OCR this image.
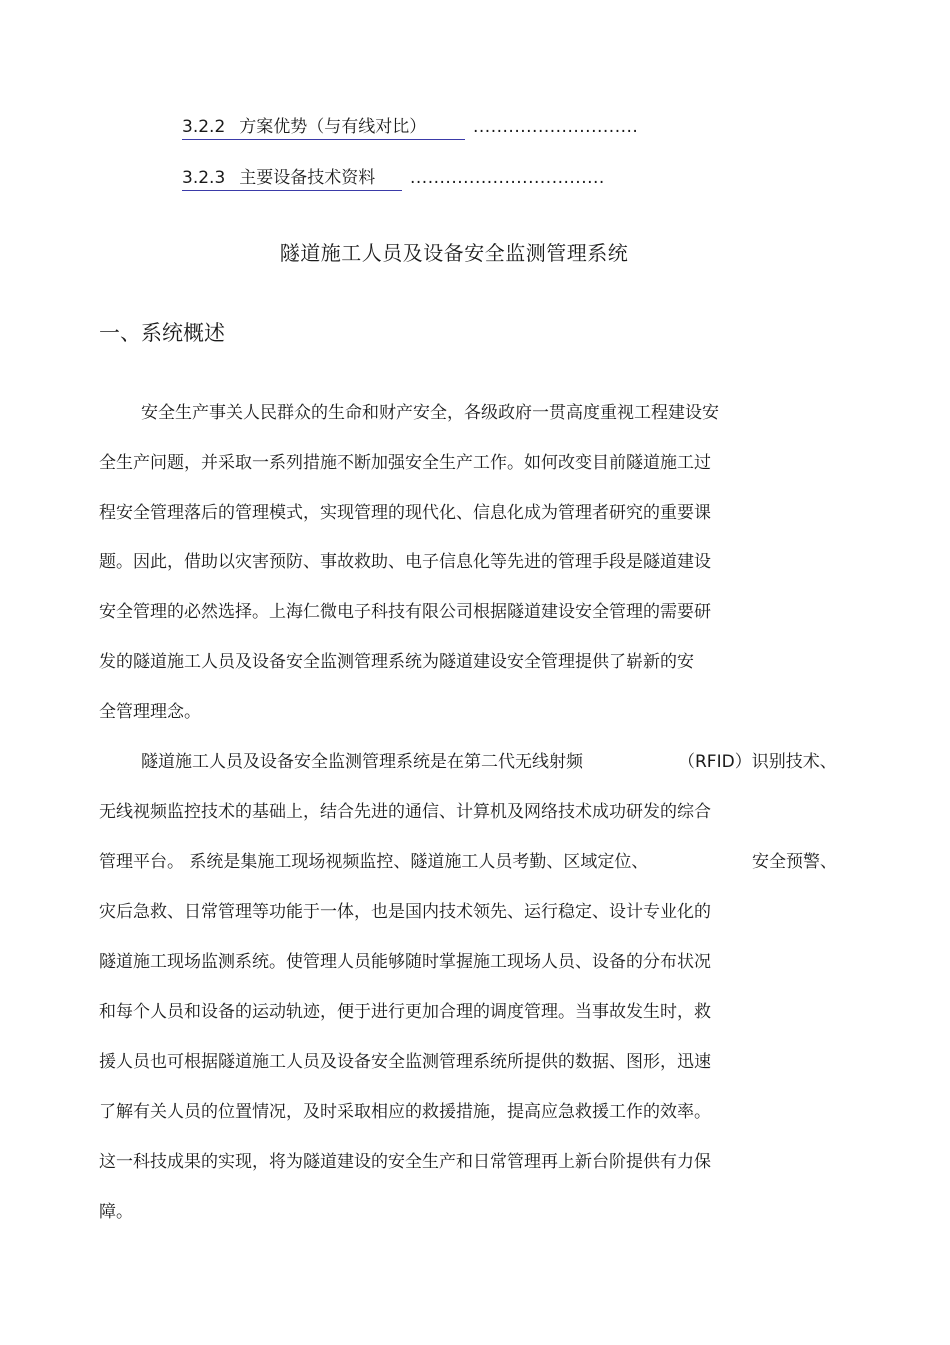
3.2.2 方案优势（与有线对比）	............................
3.2.3 主要设备技术资料 .................................
隧道施工人员及设备安全监测管理系统
一、系统概述
安全生产事关人民群众的生命和财产安全，各级政府一贯高度重视工程建设安
全生产问题，并采取一系列措施不断加强安全生产工作。如何改变目前隧道施工过
程安全管理落后的管理模式，实现管理的现代化、信息化成为管理者研究的重要课
题。因此，借助以灾害预防、事故救助、电子信息化等先进的管理手段是隧道建设
安全管理的必然选择。上海仁微电子科技有限公司根据隧道建设安全管理的需要研
发的隧道施工人员及设备安全监测管理系统为隧道建设安全管理提供了崭新的安
全管理理念。
隧道施工人员及设备安全监测管理系统是在第二代无线射频	（RFID）识别技术、
无线视频监控技术的基础上，结合先进的通信、计算机及网络技术成功研发的综合
管理平台。 系统是集施工现场视频监控、隧道施工人员考勤、区域定位、	安全预警、
灾后急救、日常管理等功能于一体，也是国内技术领先、运行稳定、设计专业化的
隧道施工现场监测系统。使管理人员能够随时掌握施工现场人员、设备的分布状况
和每个人员和设备的运动轨迹，便于进行更加合理的调度管理。当事故发生时，救
援人员也可根据隧道施工人员及设备安全监测管理系统所提供的数据、图形，迅速
了解有关人员的位置情况，及时采取相应的救援措施，提高应急救援工作的效率。
这一科技成果的实现，将为隧道建设的安全生产和日常管理再上新台阶提供有力保
障。
